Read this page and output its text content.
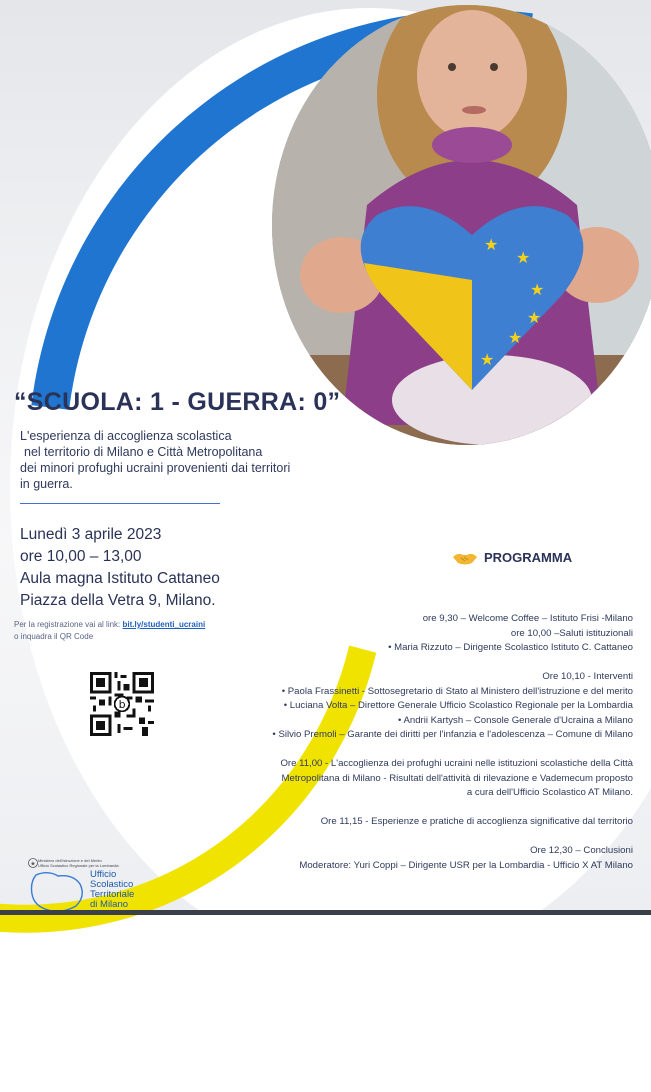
★
★
★
★
★
★
“SCUOLA: 1 - GUERRA: 0”
L'esperienza di accoglienza scolastica
nel territorio di Milano e Città Metropolitana
dei minori profughi ucraini provenienti dai territori
in guerra.
Lunedì 3 aprile 2023
ore 10,00 – 13,00
Aula magna Istituto Cattaneo
Piazza della Vetra 9, Milano.
Per la registrazione vai al link: bit.ly/studenti_ucraini
o inquadra il QR Code
b
PROGRAMMA
ore 9,30 – Welcome Coffee – Istituto Frisi -Milano
ore 10,00 –Saluti istituzionali
• Maria Rizzuto – Dirigente Scolastico Istituto C. Cattaneo
Ore 10,10 - Interventi
• Paola Frassinetti - Sottosegretario di Stato al Ministero dell'istruzione e del merito
• Luciana Volta – Direttore Generale Ufficio Scolastico Regionale per la Lombardia
• Andrii Kartysh – Console Generale d'Ucraina a Milano
• Silvio Premoli – Garante dei diritti per l'infanzia e l'adolescenza – Comune di Milano
Ore 11,00 - L'accoglienza dei profughi ucraini nelle istituzioni scolastiche della Città
Metropolitana di Milano - Risultati dell'attività di rilevazione e Vademecum proposto
a cura dell'Ufficio Scolastico AT Milano.
Ore 11,15 - Esperienze e pratiche di accoglienza significative dal territorio
Ore 12,30 – Conclusioni
Moderatore: Yuri Coppi – Dirigente USR per la Lombardia - Ufficio X AT Milano
★ Ministero dell'Istruzione e del Merito
Ufficio Scolastico Regionale per la Lombardia
Ufficio
Scolastico
Territoriale
di Milano
